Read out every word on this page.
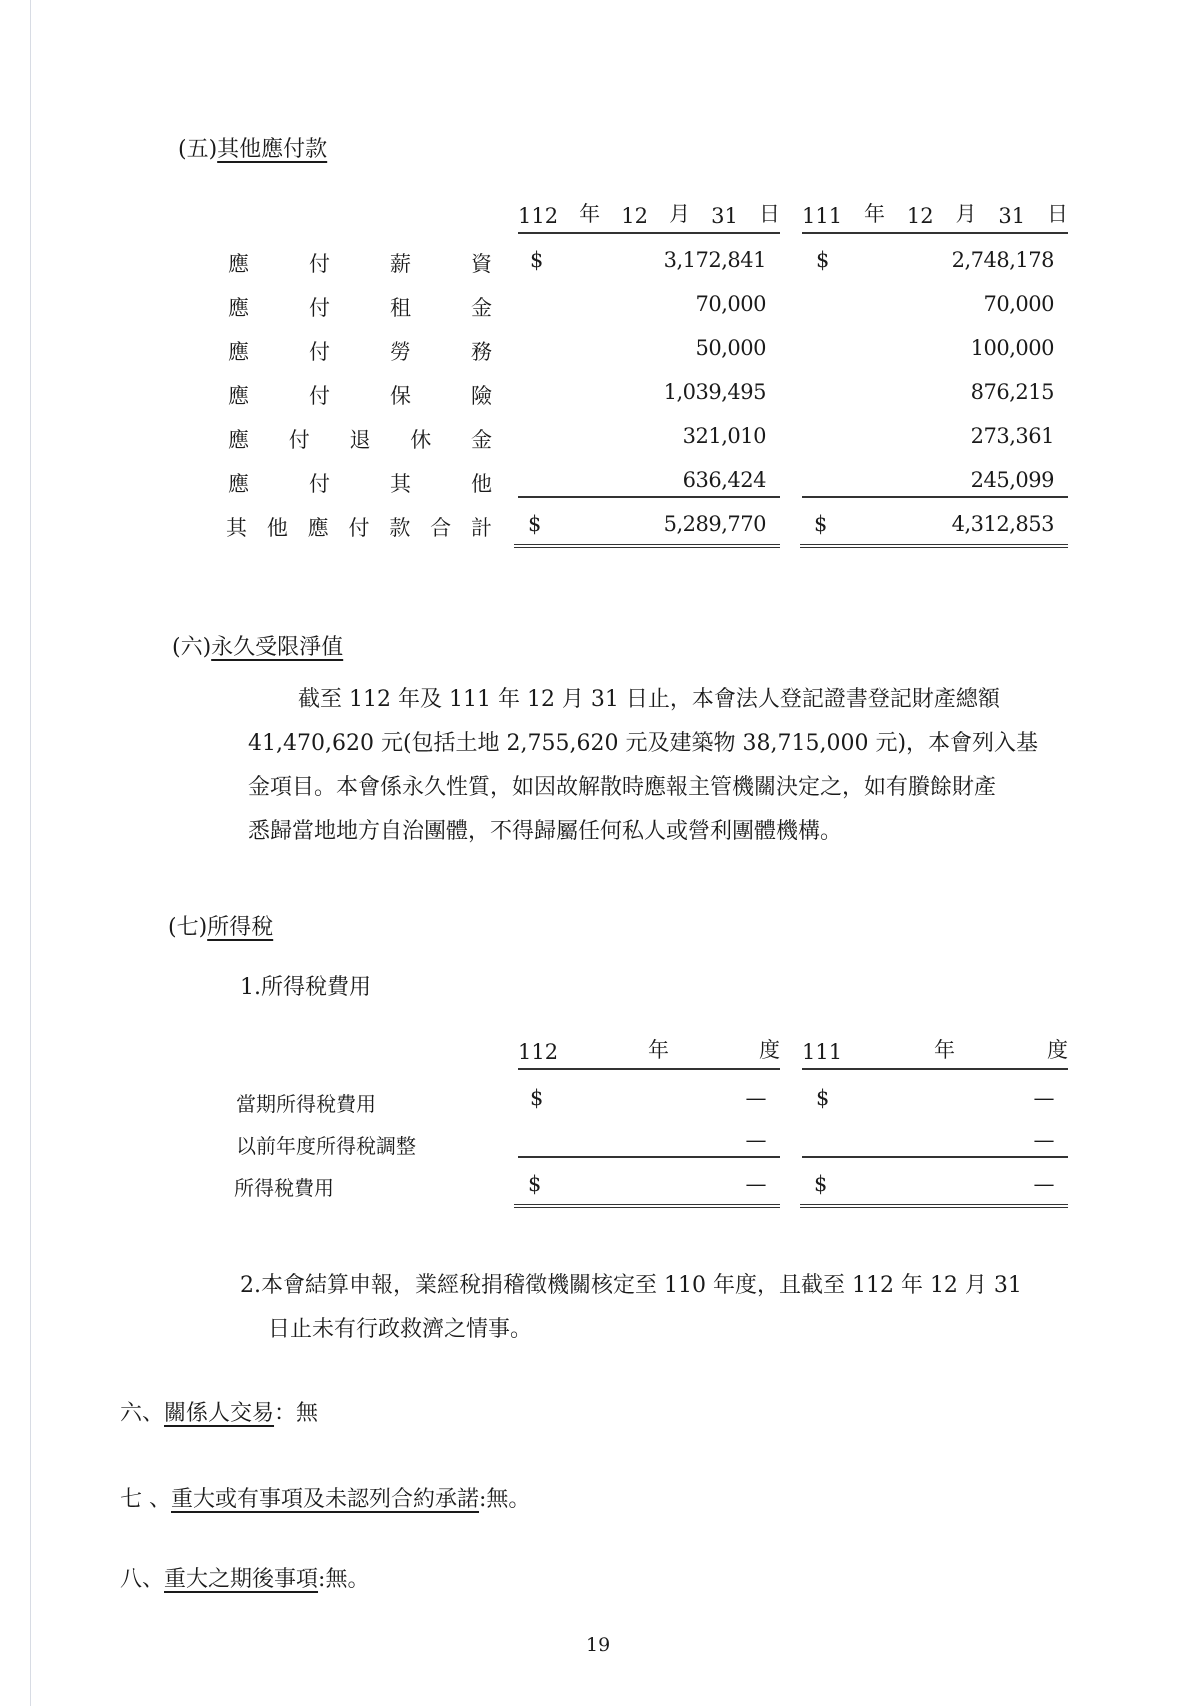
(五)其他應付款
112 年 12 月 31 日 111 年 12 月 31 日
應	付	薪	資 $	3,172,841 $	2,748,178
應	付	租	金	70,000	70,000
應	付	勞	務	50,000	100,000
應	付	保	險	1,039,495	876,215
應 付 退 休 金	321,010	273,361
應	付	其	他	636,424	245,099
其 他 應 付 款 合 計 $	5,289,770 $	4,312,853
(六)永久受限淨值
截至 112 年及 111 年 12 月 31 日止，本會法人登記證書登記財產總額
41,470,620 元(包括土地 2,755,620 元及建築物 38,715,000 元)，本會列入基
金項目。本會係永久性質，如因故解散時應報主管機關決定之，如有賸餘財產
悉歸當地地方自治團體，不得歸屬任何私人或營利團體機構。
(七)所得稅
1.所得稅費用
112	年	度 111	年	度
當期所得稅費用	$	— $	—
以前年度所得稅調整	—	—
所得稅費用	$	— $	—
2.本會結算申報，業經稅捐稽徵機關核定至 110 年度，且截至 112 年 12 月 31
日止未有行政救濟之情事。
六、關係人交易：無
七 、重大或有事項及未認列合約承諾:無。
八、重大之期後事項:無。
19
